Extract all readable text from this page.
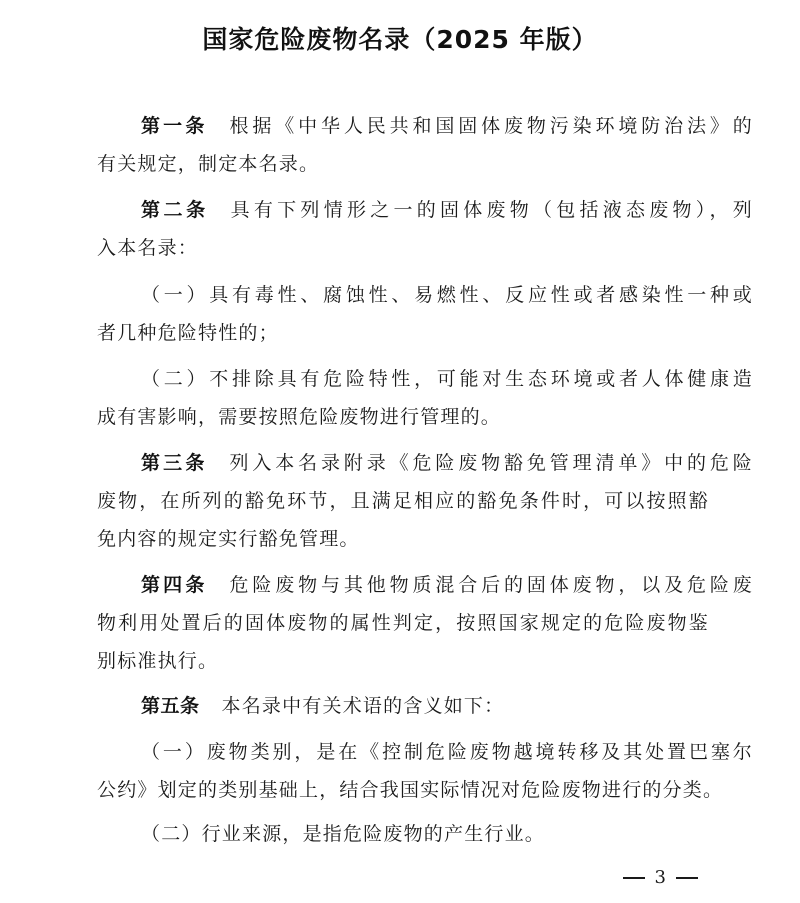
国家危险废物名录（2025 年版）
第一条 根据《中华人民共和国固体废物污染环境防治法》的
有关规定，制定本名录。
第二条 具有下列情形之一的固体废物（包括液态废物），列
入本名录：
（一）具有毒性、腐蚀性、易燃性、反应性或者感染性一种或
者几种危险特性的；
（二）不排除具有危险特性，可能对生态环境或者人体健康造
成有害影响，需要按照危险废物进行管理的。
第三条 列入本名录附录《危险废物豁免管理清单》中的危险
废物，在所列的豁免环节，且满足相应的豁免条件时，可以按照豁
免内容的规定实行豁免管理。
第四条 危险废物与其他物质混合后的固体废物，以及危险废
物利用处置后的固体废物的属性判定，按照国家规定的危险废物鉴
别标准执行。
第五条 本名录中有关术语的含义如下：
（一）废物类别，是在《控制危险废物越境转移及其处置巴塞尔
公约》划定的类别基础上，结合我国实际情况对危险废物进行的分类。
（二）行业来源，是指危险废物的产生行业。
3
